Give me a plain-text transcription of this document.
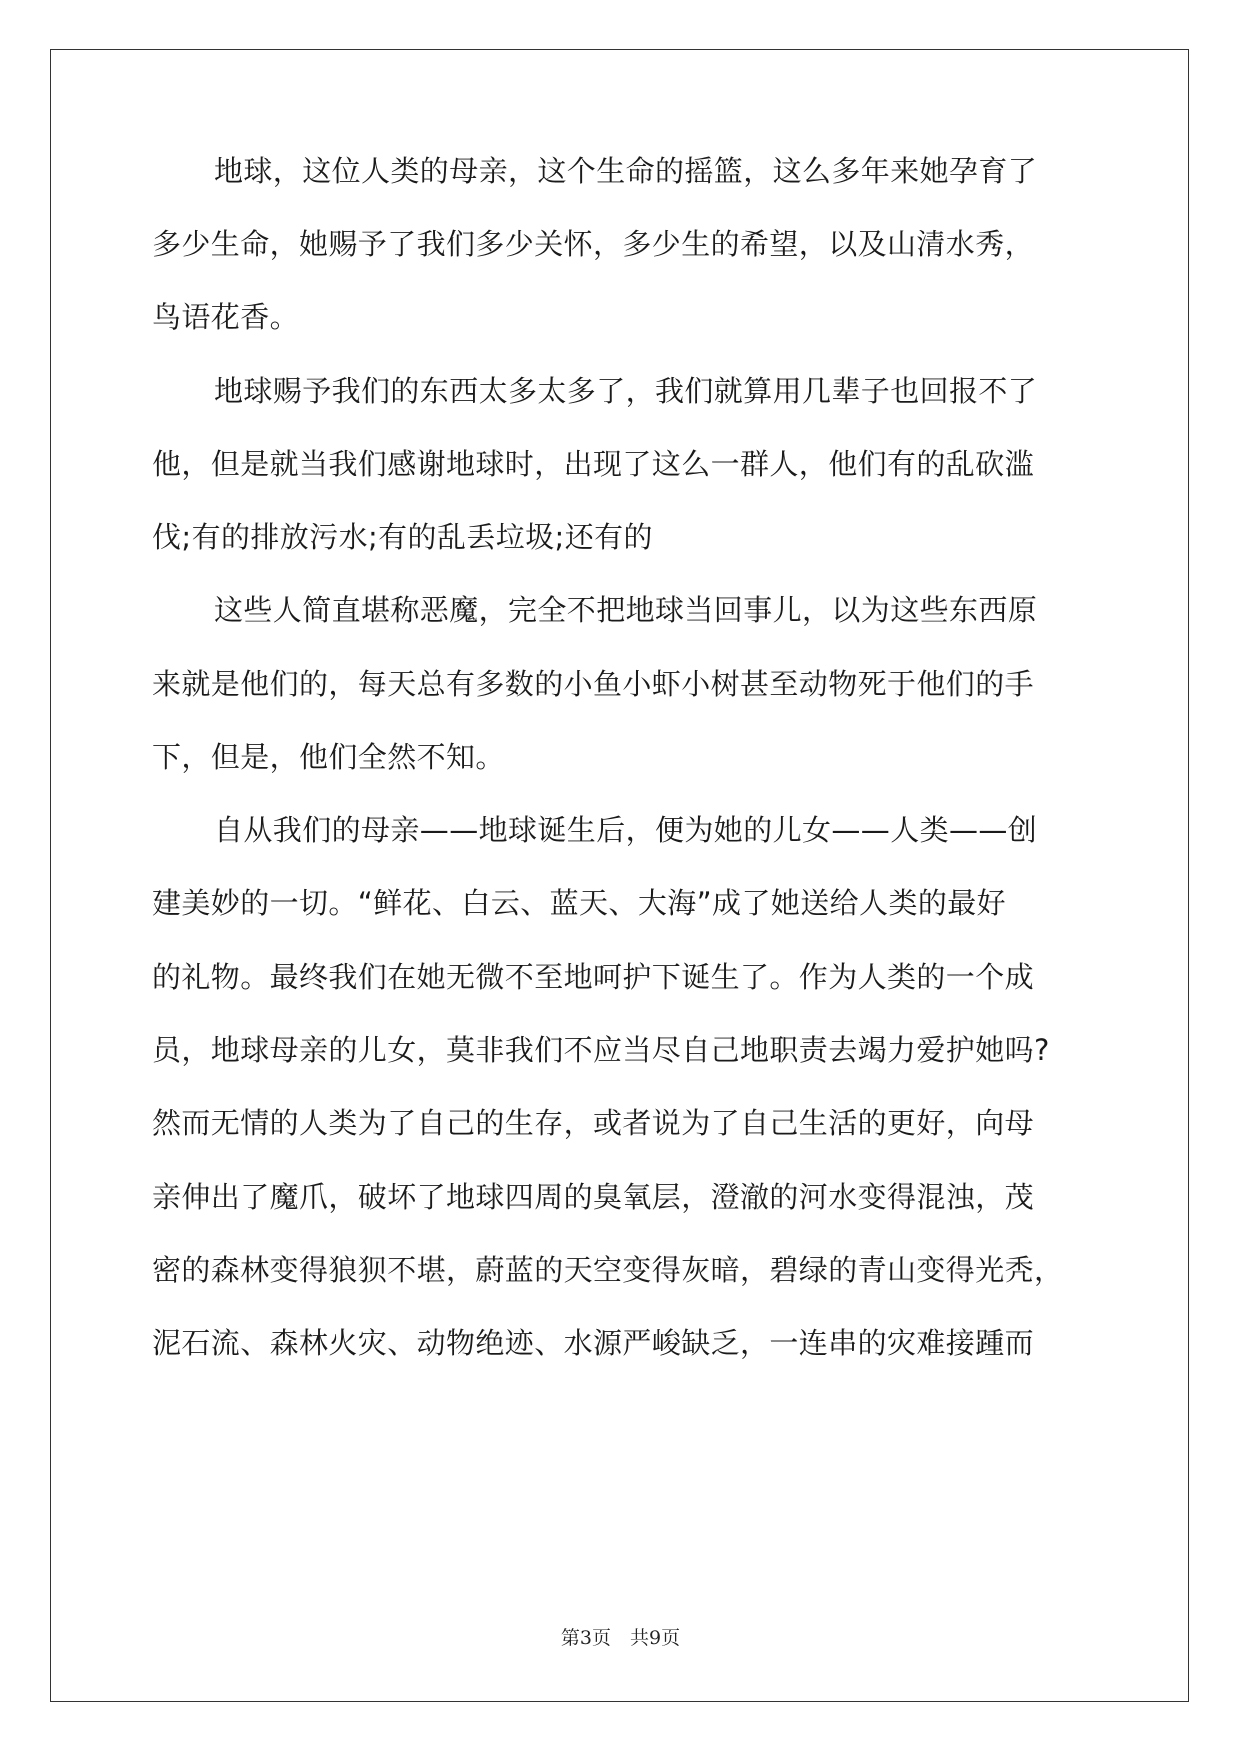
地球，这位人类的母亲，这个生命的摇篮，这么多年来她孕育了
多少生命，她赐予了我们多少关怀，多少生的希望，以及山清水秀，
鸟语花香。
地球赐予我们的东西太多太多了，我们就算用几辈子也回报不了
他，但是就当我们感谢地球时，出现了这么一群人，他们有的乱砍滥
伐;有的排放污水;有的乱丢垃圾;还有的
这些人简直堪称恶魔，完全不把地球当回事儿，以为这些东西原
来就是他们的，每天总有多数的小鱼小虾小树甚至动物死于他们的手
下，但是，他们全然不知。
自从我们的母亲——地球诞生后，便为她的儿女——人类——创
建美妙的一切。“鲜花、白云、蓝天、大海”成了她送给人类的最好
的礼物。最终我们在她无微不至地呵护下诞生了。作为人类的一个成
员，地球母亲的儿女，莫非我们不应当尽自己地职责去竭力爱护她吗?
然而无情的人类为了自己的生存，或者说为了自己生活的更好，向母
亲伸出了魔爪，破坏了地球四周的臭氧层，澄澈的河水变得混浊，茂
密的森林变得狼狈不堪，蔚蓝的天空变得灰暗，碧绿的青山变得光秃，
泥石流、森林火灾、动物绝迹、水源严峻缺乏，一连串的灾难接踵而
第3页　共9页
